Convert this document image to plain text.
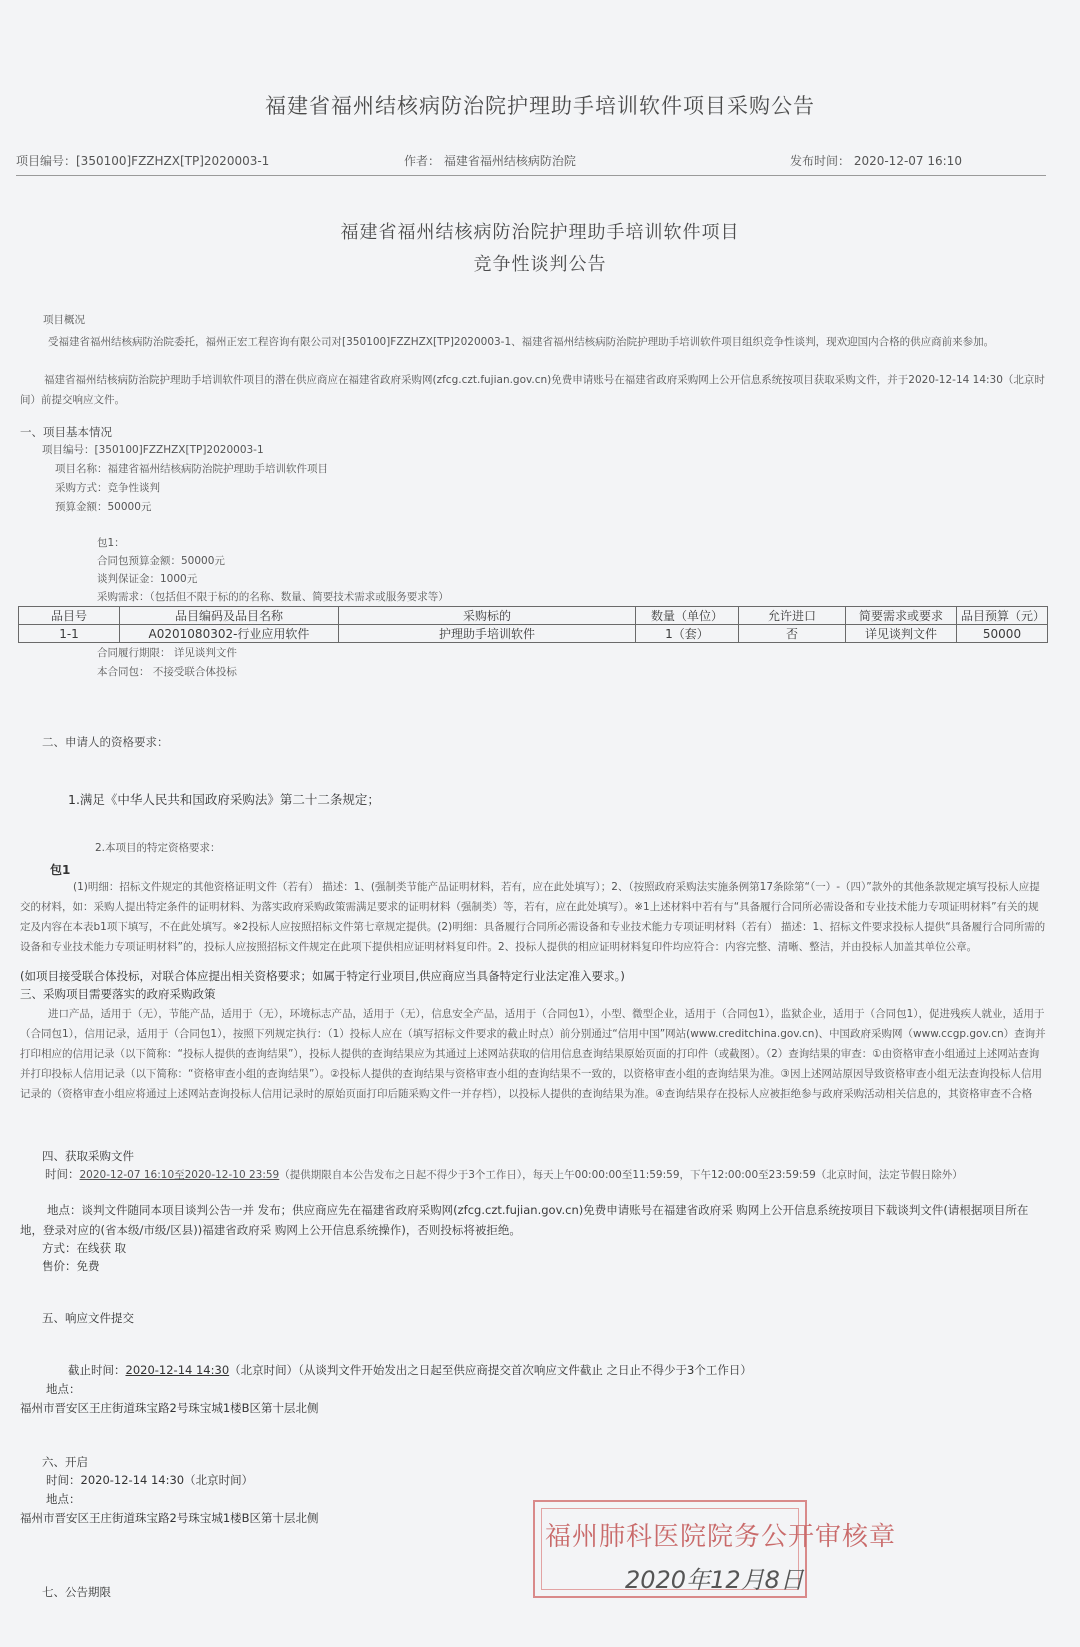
福建省福州结核病防治院护理助手培训软件项目采购公告
项目编号：[350100]FZZHZX[TP]2020003-1	作者： 福建省福州结核病防治院	发布时间： 2020-12-07 16:10
福建省福州结核病防治院护理助手培训软件项目
竞争性谈判公告
项目概况
受福建省福州结核病防治院委托，福州正宏工程咨询有限公司对[350100]FZZHZX[TP]2020003-1、福建省福州结核病防治院护理助手培训软件项目组织竞争性谈判，现欢迎国内合格的供应商前来参加。
福建省福州结核病防治院护理助手培训软件项目的潜在供应商应在福建省政府采购网(zfcg.czt.fujian.gov.cn)免费申请账号在福建省政府采购网上公开信息系统按项目获取采购文件，并于2020-12-14 14:30（北京时间）前提交响应文件。
一、项目基本情况
项目编号：[350100]FZZHZX[TP]2020003-1
项目名称：福建省福州结核病防治院护理助手培训软件项目
采购方式：竞争性谈判
预算金额：50000元
包1：
合同包预算金额：50000元
谈判保证金：1000元
采购需求：（包括但不限于标的的名称、数量、简要技术需求或服务要求等）
品目号	品目编码及品目名称	采购标的	数量（单位）	允许进口	简要需求或要求	品目预算（元）
1-1	A0201080302-行业应用软件	护理助手培训软件	1（套）	否	详见谈判文件	50000
合同履行期限： 详见谈判文件
本合同包： 不接受联合体投标
二、申请人的资格要求：
1.满足《中华人民共和国政府采购法》第二十二条规定；
2.本项目的特定资格要求：
包1
(1)明细：招标文件规定的其他资格证明文件（若有） 描述：1、(强制类节能产品证明材料，若有，应在此处填写）；2、（按照政府采购法实施条例第17条除第“（一）-（四）”款外的其他条款规定填写投标人应提交的材料，如：采购人提出特定条件的证明材料、为落实政府采购政策需满足要求的证明材料（强制类）等，若有，应在此处填写）。※1上述材料中若有与“具备履行合同所必需设备和专业技术能力专项证明材料”有关的规定及内容在本表b1项下填写，不在此处填写。※2投标人应按照招标文件第七章规定提供。(2)明细：具备履行合同所必需设备和专业技术能力专项证明材料（若有） 描述：1、招标文件要求投标人提供“具备履行合同所需的设备和专业技术能力专项证明材料”的，投标人应按照招标文件规定在此项下提供相应证明材料复印件。2、投标人提供的相应证明材料复印件均应符合：内容完整、清晰、整洁，并由投标人加盖其单位公章。
(如项目接受联合体投标，对联合体应提出相关资格要求；如属于特定行业项目,供应商应当具备特定行业法定准入要求。)
三、采购项目需要落实的政府采购政策
进口产品，适用于（无），节能产品，适用于（无），环境标志产品，适用于（无），信息安全产品，适用于（合同包1），小型、微型企业，适用于（合同包1），监狱企业，适用于（合同包1），促进残疾人就业，适用于（合同包1），信用记录，适用于（合同包1），按照下列规定执行：（1）投标人应在（填写招标文件要求的截止时点）前分别通过“信用中国”网站(www.creditchina.gov.cn)、中国政府采购网（www.ccgp.gov.cn）查询并打印相应的信用记录（以下简称：“投标人提供的查询结果”），投标人提供的查询结果应为其通过上述网站获取的信用信息查询结果原始页面的打印件（或截图）。（2）查询结果的审查：①由资格审查小组通过上述网站查询并打印投标人信用记录（以下简称：“资格审查小组的查询结果”）。②投标人提供的查询结果与资格审查小组的查询结果不一致的，以资格审查小组的查询结果为准。③因上述网站原因导致资格审查小组无法查询投标人信用记录的（资格审查小组应将通过上述网站查询投标人信用记录时的原始页面打印后随采购文件一并存档），以投标人提供的查询结果为准。④查询结果存在投标人应被拒绝参与政府采购活动相关信息的，其资格审查不合格
四、获取采购文件
时间：2020-12-07 16:10至2020-12-10 23:59（提供期限自本公告发布之日起不得少于3个工作日），每天上午00:00:00至11:59:59，下午12:00:00至23:59:59（北京时间，法定节假日除外）
地点：谈判文件随同本项目谈判公告一并 发布；供应商应先在福建省政府采购网(zfcg.czt.fujian.gov.cn)免费申请账号在福建省政府采 购网上公开信息系统按项目下载谈判文件(请根据项目所在地，登录对应的(省本级/市级/区县))福建省政府采 购网上公开信息系统操作)，否则投标将被拒绝。
方式：在线获 取
售价：免费
五、响应文件提交
截止时间：2020-12-14 14:30（北京时间）（从谈判文件开始发出之日起至供应商提交首次响应文件截止 之日止不得少于3个工作日）
地点：
福州市晋安区王庄街道珠宝路2号珠宝城1楼B区第十层北侧
六、开启
时间：2020-12-14 14:30（北京时间）
地点：
福州市晋安区王庄街道珠宝路2号珠宝城1楼B区第十层北侧
七、公告期限
福州肺科医院院务公开审核章
2020年12月8日
